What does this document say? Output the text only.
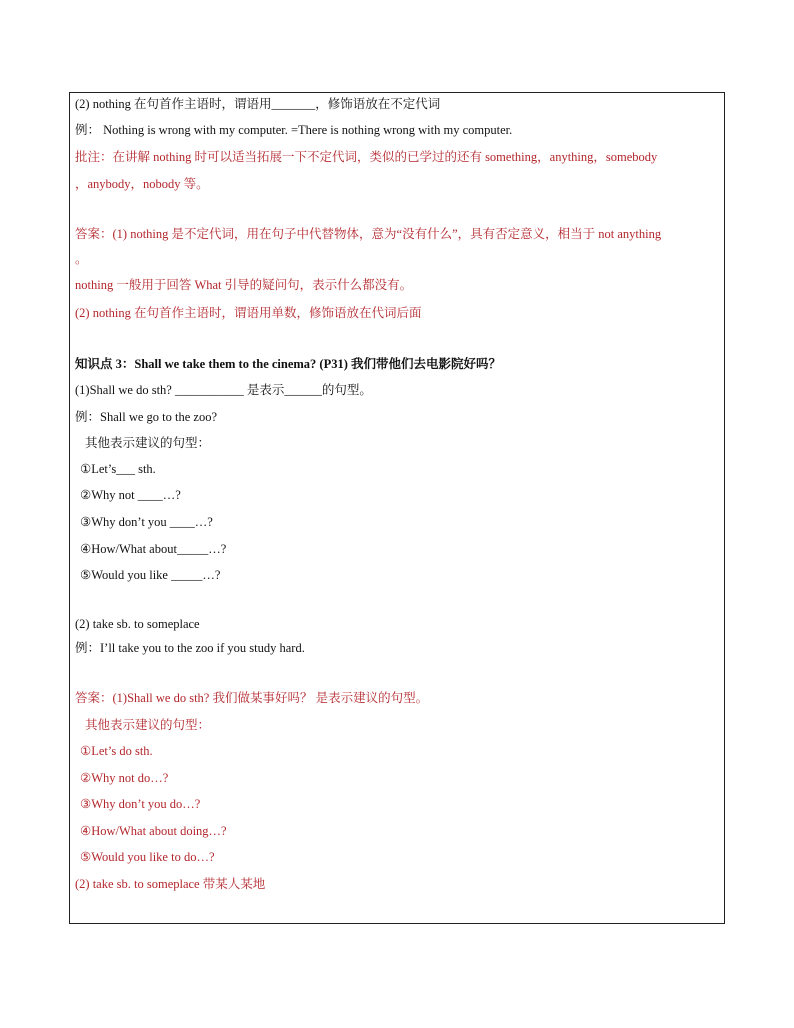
(2) nothing 在句首作主语时，谓语用_______，修饰语放在不定代词
例： Nothing is wrong with my computer. =There is nothing wrong with my computer.
批注：在讲解 nothing 时可以适当拓展一下不定代词，类似的已学过的还有 something，anything，somebody
，anybody，nobody 等。
答案：(1) nothing 是不定代词，用在句子中代替物体，意为“没有什么”，具有否定意义，相当于 not anything
。
nothing 一般用于回答 What 引导的疑问句，表示什么都没有。
(2) nothing 在句首作主语时，谓语用单数，修饰语放在代词后面
知识点 3：Shall we take them to the cinema? (P31) 我们带他们去电影院好吗？
(1)Shall we do sth? ___________ 是表示______的句型。
例：Shall we go to the zoo?
其他表示建议的句型：
①Let’s___ sth.
②Why not ____…?
③Why don’t you ____…?
④How/What about_____…?
⑤Would you like _____…?
(2) take sb. to someplace
例：I’ll take you to the zoo if you study hard.
答案：(1)Shall we do sth? 我们做某事好吗？ 是表示建议的句型。
其他表示建议的句型：
①Let’s do sth.
②Why not do…?
③Why don’t you do…?
④How/What about doing…?
⑤Would you like to do…?
(2) take sb. to someplace 带某人某地
